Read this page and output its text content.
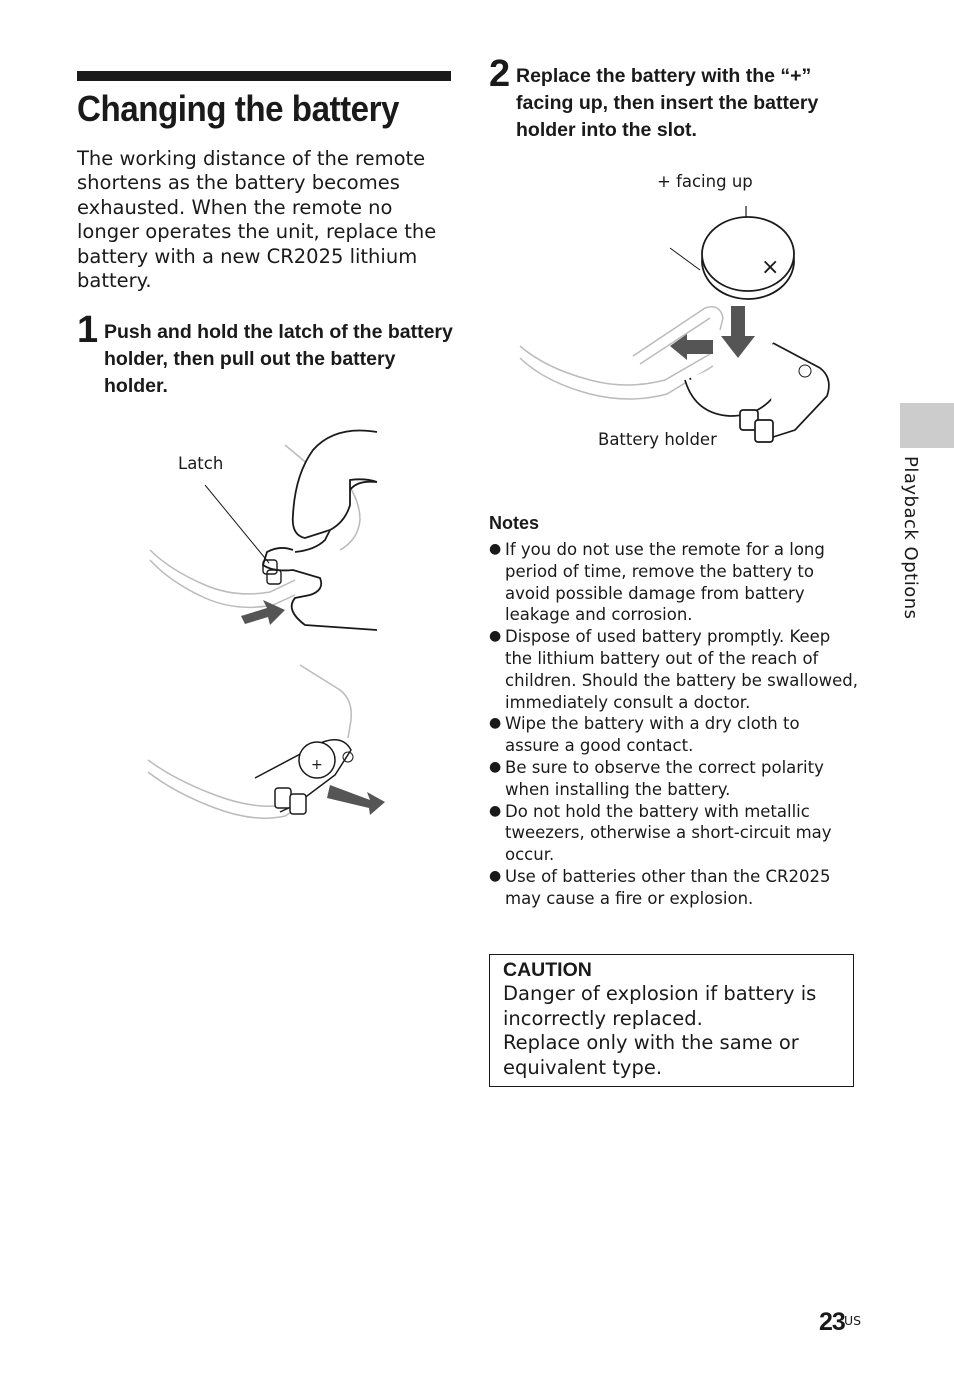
Changing the battery

The working distance of the remote shortens as the battery becomes exhausted. When the remote no longer operates the unit, replace the battery with a new CR2025 lithium battery.

1 Push and hold the latch of the battery holder, then pull out the battery holder.
Latch
+
2 Replace the battery with the “+” facing up, then insert the battery holder into the slot.
+ facing up
Battery holder
×
Notes
● If you do not use the remote for a long period of time, remove the battery to avoid possible damage from battery leakage and corrosion.
● Dispose of used battery promptly. Keep the lithium battery out of the reach of children. Should the battery be swallowed, immediately consult a doctor.
● Wipe the battery with a dry cloth to assure a good contact.
● Be sure to observe the correct polarity when installing the battery.
● Do not hold the battery with metallic tweezers, otherwise a short-circuit may occur.
● Use of batteries other than the CR2025 may cause a fire or explosion.
CAUTION
Danger of explosion if battery is incorrectly replaced.
Replace only with the same or equivalent type.
Playback Options
23 US
